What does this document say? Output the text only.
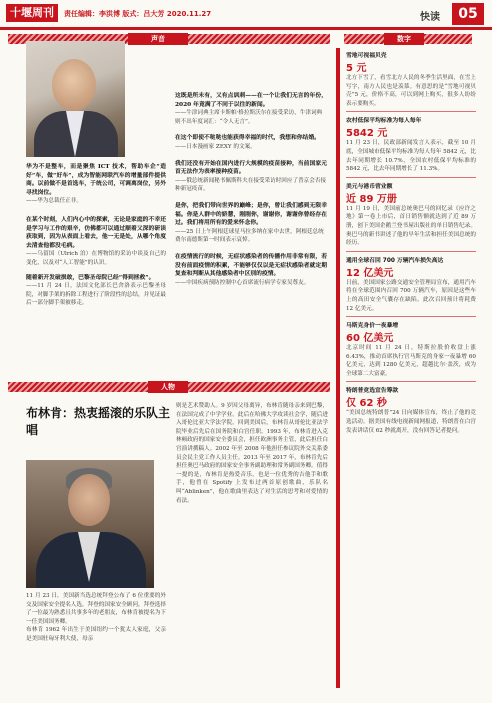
十堰周刊	责任编辑：李洪博 版式：吕大芳 2020.11.27	快读	05
声音
华为不是整车，而是聚焦 ICT 技术，帮助车企“造好”车，做“好车”，成为智能网联汽车的增量部件提供商。以前做不是首选车，于统公司，可调离岗位，另外寻找岗位。
——华为总裁任正非。
在某个时刻，人们内心中的探索，无论是家庭的不幸还是学习与工作的艰辛，仿佛都可以通过顺着又深的研读获取到，因为从表面上看去，他一无是处，从哪个角度去清查他都没毛病。
——乌留国（Ulrich 泊）在博物馆的采访中谈及自己的变化，以及对“人工智能”的认识。
随着新开发破损敢，巴黎圣母院已经“得到拯救”。
——11 月 24 日，法国文化部长巴舍洛表示巴黎圣母院，对脚手架的拆除工程进行了阶段性的总结，并见证最后一部分脚手架被移走。
这既是所未有，又有点讽刺——在一个让我们无言的年份，2020 年竟满了不同于以往的新闻。
——牛津词典主席卡斯帕·格拉斯沃尔在接受采访，牛津词典则不出年度词汇：“令人无言”。
在这个即使不哒哒也能获得幸福的时代，我想和你结婚。
——日本漫画家 ZEXY 的文案。
我们还没有开始在国内进行大规模的疫苗接种，当前国家元首无法作为表率接种疫苗。
——俄总统新闻秘书佩斯科夫在接受采访时回应了普京会否接种新冠疫苗。
是你，把我们带向世界的巅峰；是你，曾让我们感到无限幸福。你是人群中的娇慧，刚刚你，谢谢你，谢谢你曾经存在过。我们将用所有的爱来怀念你。
——25 日上午阿根廷球星马拉多纳在家中去世，阿根廷总统费尔南德斯第一时间表示哀悼。
在疫情流行的时候，无症状感染者的传播作用非常有限，若没有前面疫情的积累，不能够仅仅以是无症状感染者就定期复查和判断从其他感染者中区别的疫情。
——中国疾病预防控制中心首席流行病学专家吴尊友。
人物
布林肯：热衷摇滚的乐队主唱
11 月 23 日，美国新当选总统拜登公布了 6 位重要的外交及国家安全提名人选，拜登的国家安全顾问，拜登选择了一位最为熟悉且共事多年的老朋友，布林肯被提名为下一任美国国务卿。
布林肯 1962 年出生于美国纽约一个犹太人家庭，父亲是美国驻匈牙利大使，母亲
则是艺术赞助人。9 岁因父母离异，布林肯随母亲来到巴黎，在法国完成了中学学业。此后在哈佛大学攻读社会学，随后进入哥伦比亚大学法学院。回到美国后，布林肯从哥伦比亚法学院毕业后先后在国务院和白宫任职。1993 年，布林肯进入克林顿政府的国家安全委员会，担任欧洲事务主管，此后担任白宫演讲撰稿人。2002 年至 2008 年他担任参议院外交关系委员会民主党工作人员主任。2013 年至 2017 年，布林肯先后担任奥巴马政府的国家安全事务副助理和常务副国务卿。值得一提的是，布林肯是热爱音乐，也是一位优秀的吉他手和歌手，他曾在 Spotify 上发布过两首原创歌曲，乐队名叫“Ablinken”，他在歌曲里表达了对生活的思考和对爱情的看法。
数字
雪地可视福贝壳
5 元
北方下雪了，看雪北方人民的冬季生活里面，在雪上写字，南方人民也是羡慕。有意思的是“雪地可视贝壳”5 元，价格不高，可以到网上购买，很多人纷纷表示要购买。
农村低保平均标准为每人每年
5842 元
11 月 23 日，民政部新闻发言人表示，截至 10 月底，全国城市低保平均标准为每人每年 5842 元，比去年同期增长 10.7%，全国农村低保平均标准的 5842 元，比去年同期增长了 11.3%。
美元与港币营业额
近 89 万册
11 月 19 日，美国前总统奥巴马的回忆录《应许之地》第一卷上市后，首日销售额就达到了近 89 万册，创下美国企鹅兰登书屋出版社的单日销售纪录。奥巴马的新书讲述了他的早年生活和担任美国总统的经历。
通用全球召回 700 万辆汽车损失高达
12 亿美元
日前，美国国家公路交通安全管理局宣布，通用汽车将在全球范围内召回 700 万辆汽车，原因是这些车上的高田安全气囊存在缺陷。此次召回预计将耗费 12 亿美元。
马斯克身价一夜暴增
60 亿美元
北京时间 11 月 24 日，特斯拉股价收盘上涨 6.43%，推动首席执行官马斯克的身家一夜暴增 60 亿美元，达到 1280 亿美元，超越比尔·盖茨，成为全球第二大富豪。
特朗普竞选宣告筹款
仅 62 秒
“美国总统特朗普”24 日向媒体宣布，终止了他的竞选活动。据美国有线电视新闻网报道，特朗普在白宫发表讲话仅 62 秒就离开，没有回答记者提问。
